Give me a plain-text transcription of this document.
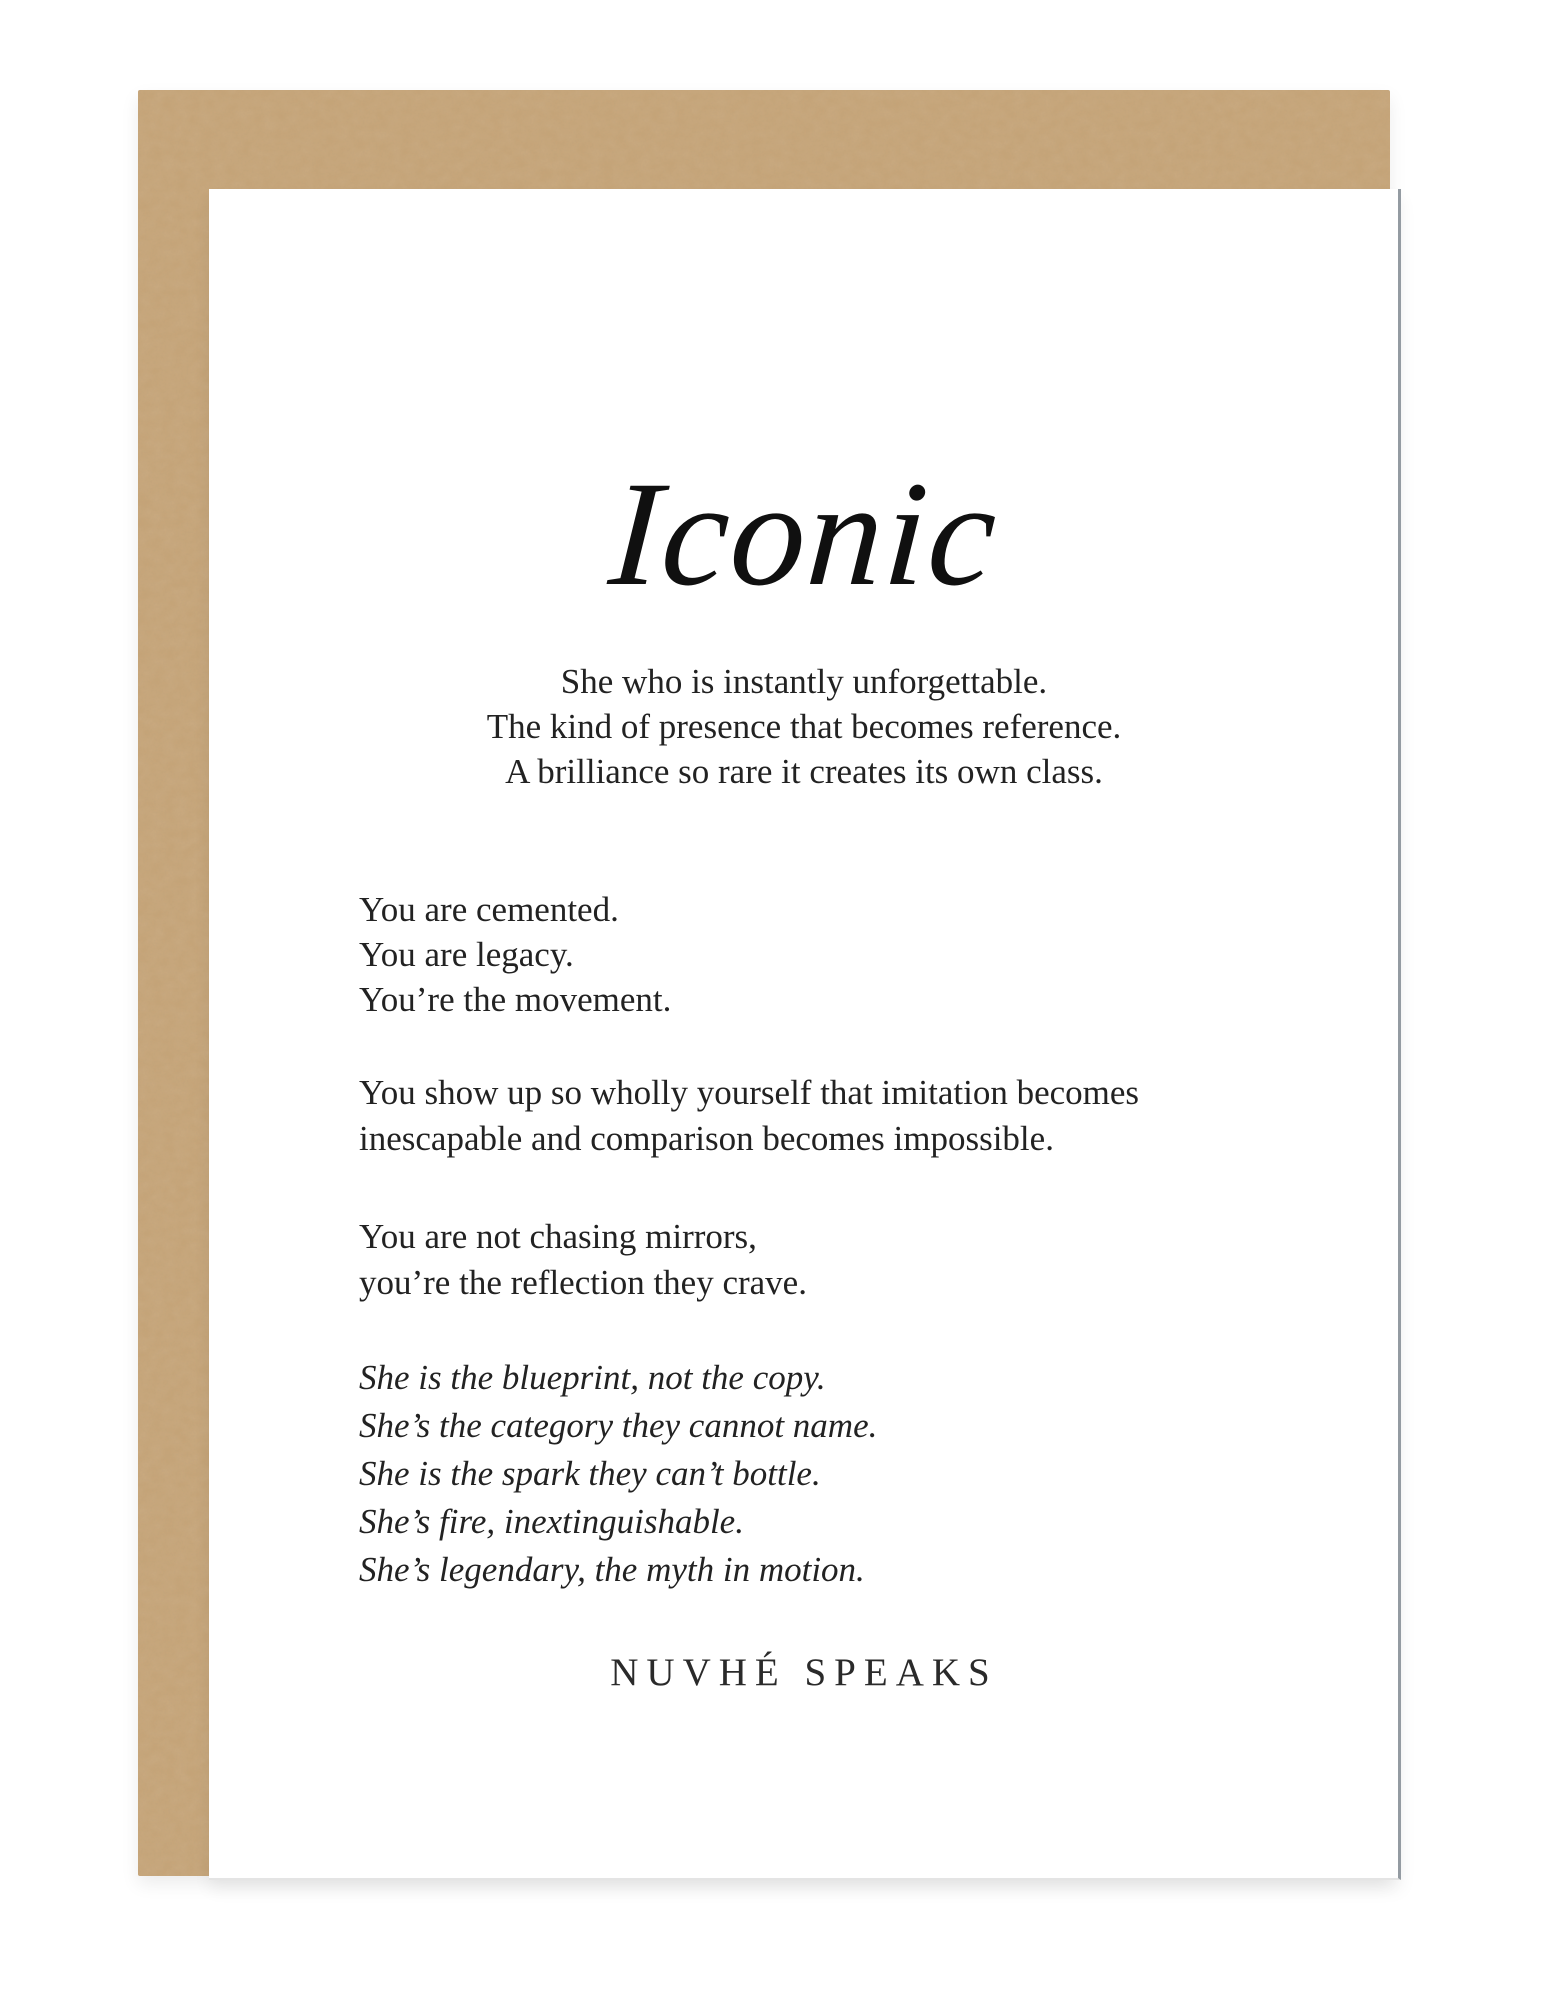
Iconic
She who is instantly unforgettable.
The kind of presence that becomes reference.
A brilliance so rare it creates its own class.
You are cemented.
You are legacy.
You’re the movement.
You show up so wholly yourself that imitation becomes
inescapable and comparison becomes impossible.
You are not chasing mirrors,
you’re the reflection they crave.
She is the blueprint, not the copy.
She’s the category they cannot name.
She is the spark they can’t bottle.
She’s fire, inextinguishable.
She’s legendary, the myth in motion.
NUVHÉ SPEAKS
